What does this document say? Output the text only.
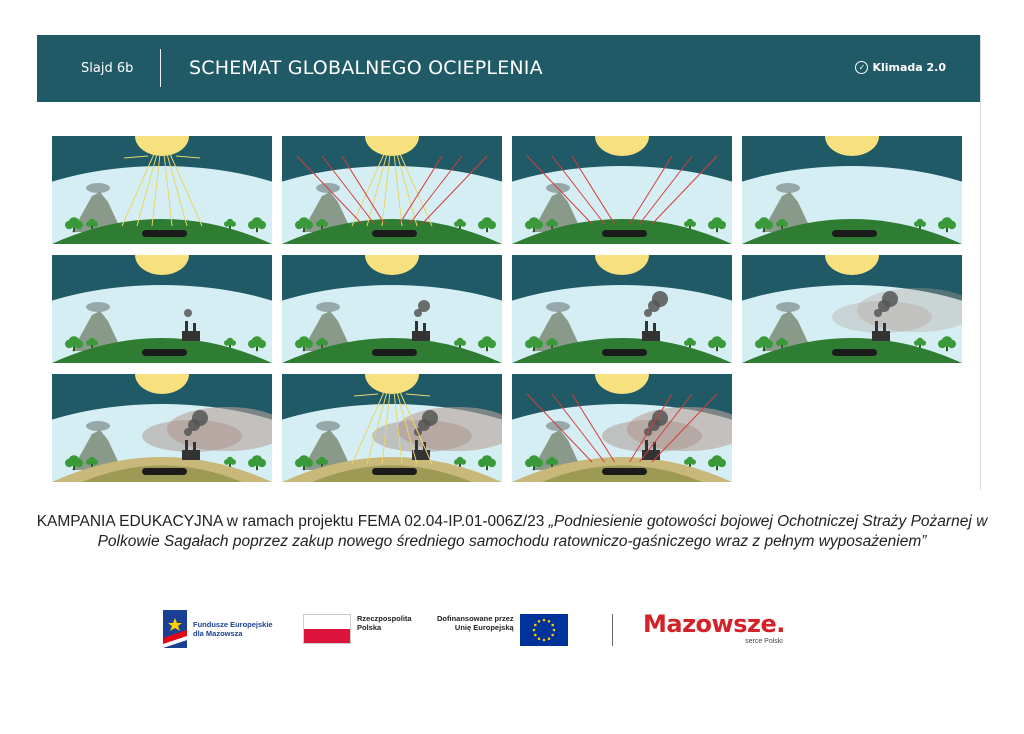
Slajd 6b	SCHEMAT GLOBALNEGO OCIEPLENIA	✓ Klimada 2.0
KAMPANIA EDUKACYJNA w ramach projektu FEMA 02.04-IP.01-006Z/23 „Podniesienie gotowości bojowej Ochotniczej Straży Pożarnej w Polkowie Sagałach poprzez zakup nowego średniego samochodu ratowniczo-gaśniczego wraz z pełnym wyposażeniem”
Fundusze Europejskie
dla Mazowsza
Rzeczpospolita
Polska
Dofinansowane przez
Unię Europejską	Mazowsze.
serce Polski
